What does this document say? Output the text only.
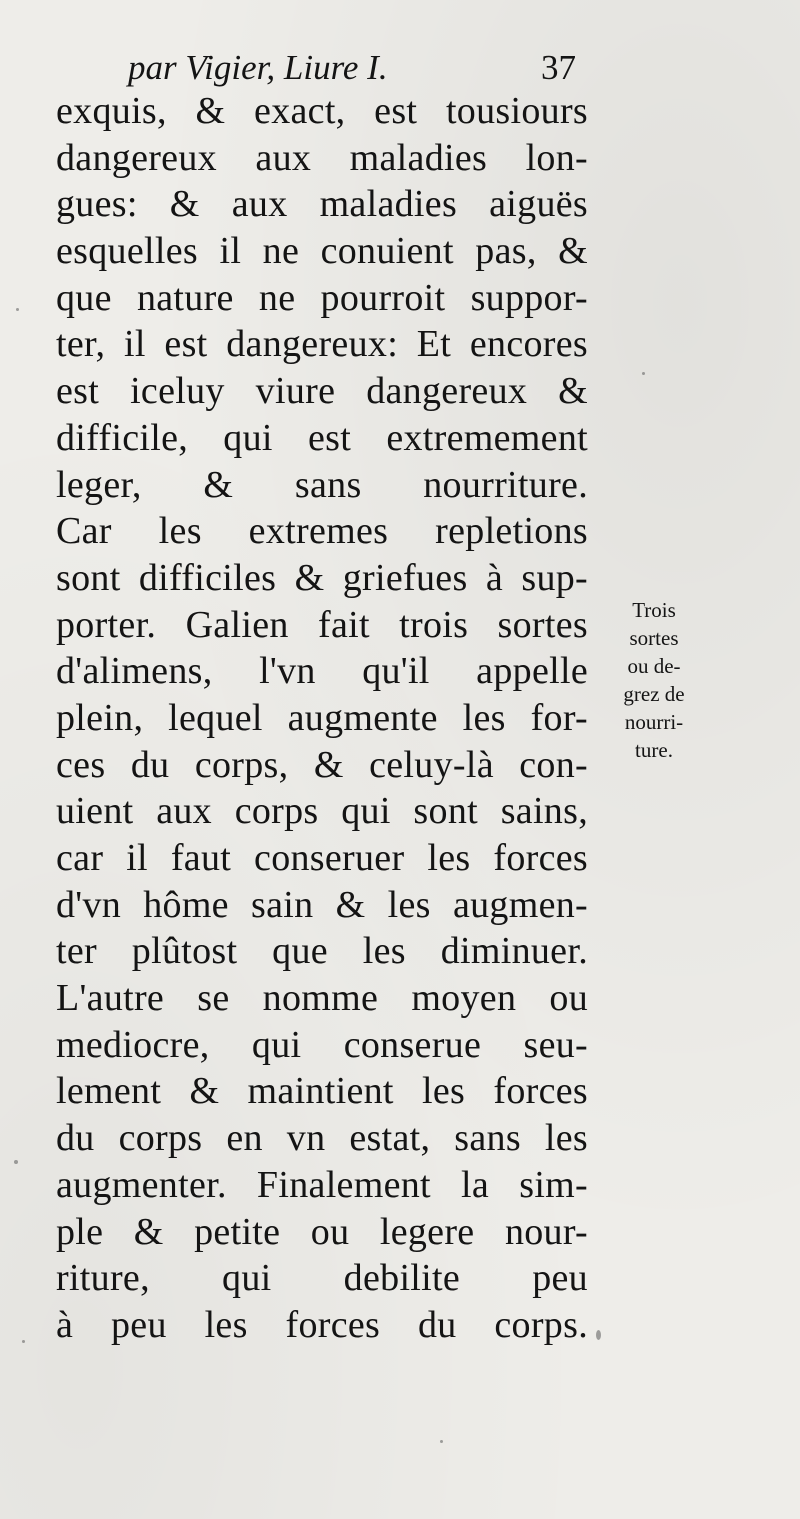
par Vigier, Liure I.	37
exquis, & exact, est tousiours
dangereux aux maladies lon-
gues: & aux maladies aiguës
esquelles il ne conuient pas, &
que nature ne pourroit suppor-
ter, il est dangereux: Et encores
est iceluy viure dangereux &
difficile, qui est extremement
leger, & sans nourriture.
Car les extremes repletions
sont difficiles & griefues à sup-
porter. Galien fait trois sortes
d'alimens, l'vn qu'il appelle
plein, lequel augmente les for-
ces du corps, & celuy-là con-
uient aux corps qui sont sains,
car il faut conseruer les forces
d'vn hôme sain & les augmen-
ter plûtost que les diminuer.
L'autre se nomme moyen ou
mediocre, qui conserue seu-
lement & maintient les forces
du corps en vn estat, sans les
augmenter. Finalement la sim-
ple & petite ou legere nour-
riture, qui debilite peu
à peu les forces du corps.
Trois
sortes
ou de-
grez de
nourri-
ture.
